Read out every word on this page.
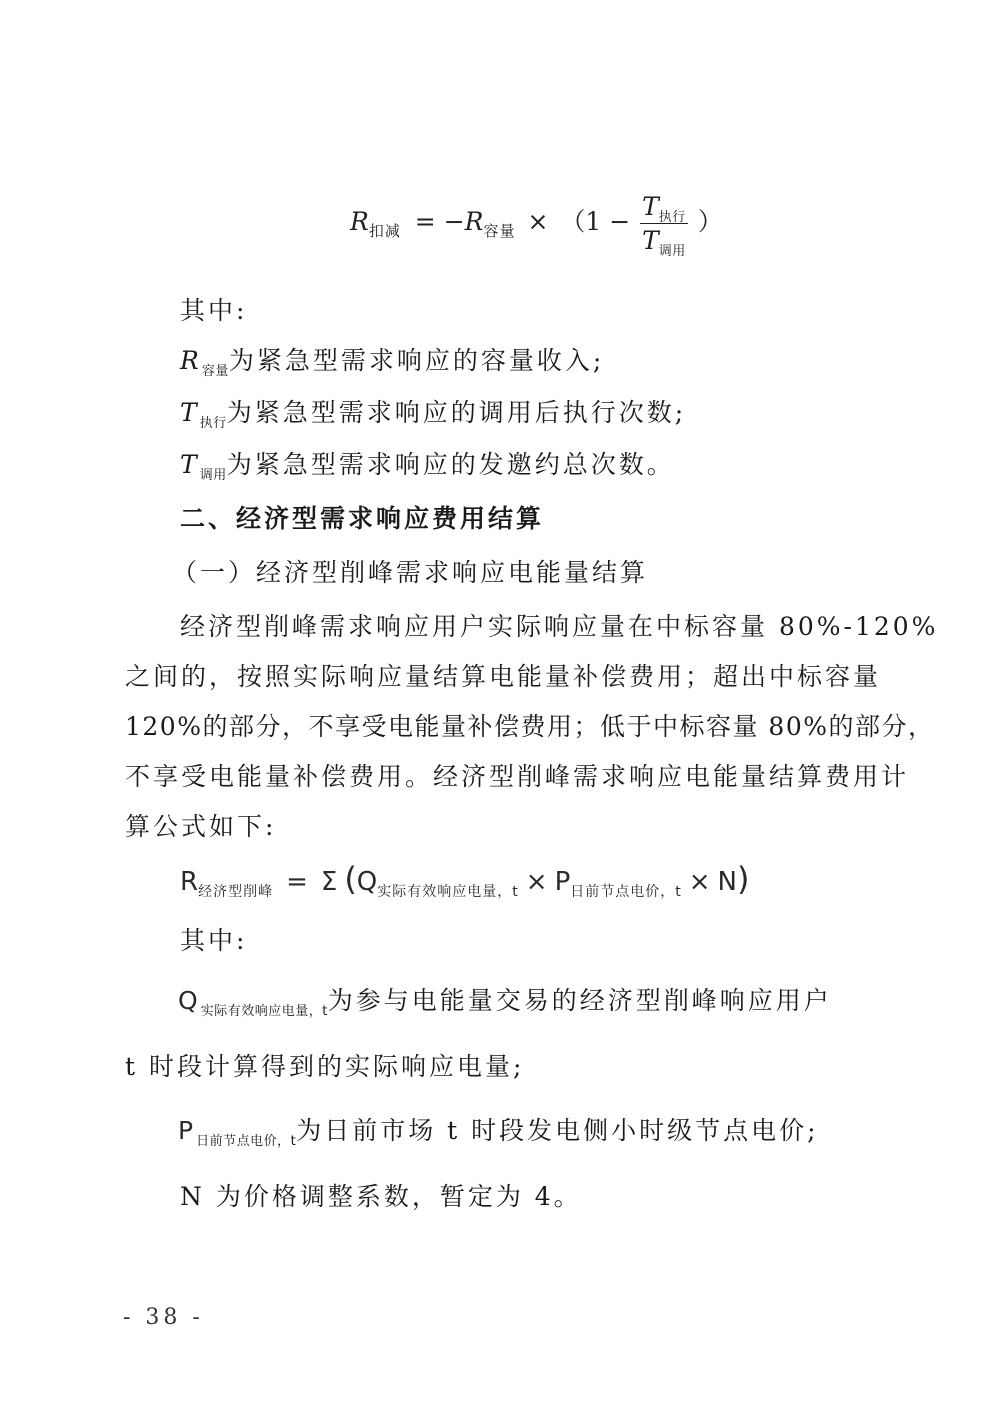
$R_{扣减} = -R_{容量} \times (1 - \frac{T_{执行}}{T_{调用}}$ ）
其中:
$R_{容量}$为紧急型需求响应的容量收入;
$T_{执行}$为紧急型需求响应的调用后执行次数;
$T_{调用}$为紧急型需求响应的发邀约总次数。
二、经济型需求响应费用结算
（一）经济型削峰需求响应电能量结算
经济型削峰需求响应用户实际响应量在中标容量 80%-120%
之间的，按照实际响应量结算电能量补偿费用；超出中标容量
120%的部分，不享受电能量补偿费用；低于中标容量 80%的部分，
不享受电能量补偿费用。经济型削峰需求响应电能量结算费用计
算公式如下:
$R_{经济型削峰} = \Sigma$ $(Q_{实际有效响应电量,t} \times P_{日前节点电价,t} \times N)$
其中:
$Q_{实际有效响应电量,t}$为参与电能量交易的经济型削峰响应用户
t 时段计算得到的实际响应电量;
$P_{日前节点电价,t}$为日前市场 t 时段发电侧小时级节点电价;
N 为价格调整系数，暂定为 4。
- 38 -
